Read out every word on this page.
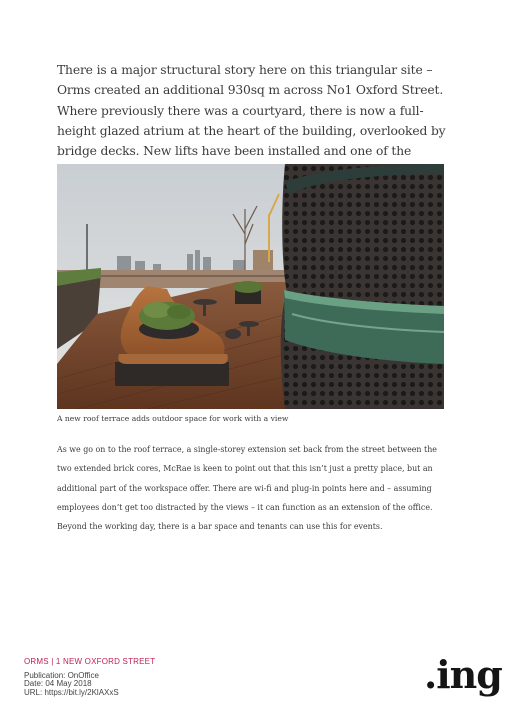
There is a major structural story here on this triangular site – Orms created an additional 930sq m across No1 Oxford Street. Where previously there was a courtyard, there is now a full-height glazed atrium at the heart of the building, overlooked by bridge decks. New lifts have been installed and one of the

A new roof terrace adds outdoor space for work with a view

As we go on to the roof terrace, a single-storey extension set back from the street between the two extended brick cores, McRae is keen to point out that this isn’t just a pretty place, but an additional part of the workspace offer. There are wi-fi and plug-in points here and – assuming employees don’t get too distracted by the views – it can function as an extension of the office. Beyond the working day, there is a bar space and tenants can use this for events.

ORMS | 1 NEW OXFORD STREET
Publication: OnOffice
Date: 04 May 2018
URL: https://bit.ly/2KlAXxS	.ing
